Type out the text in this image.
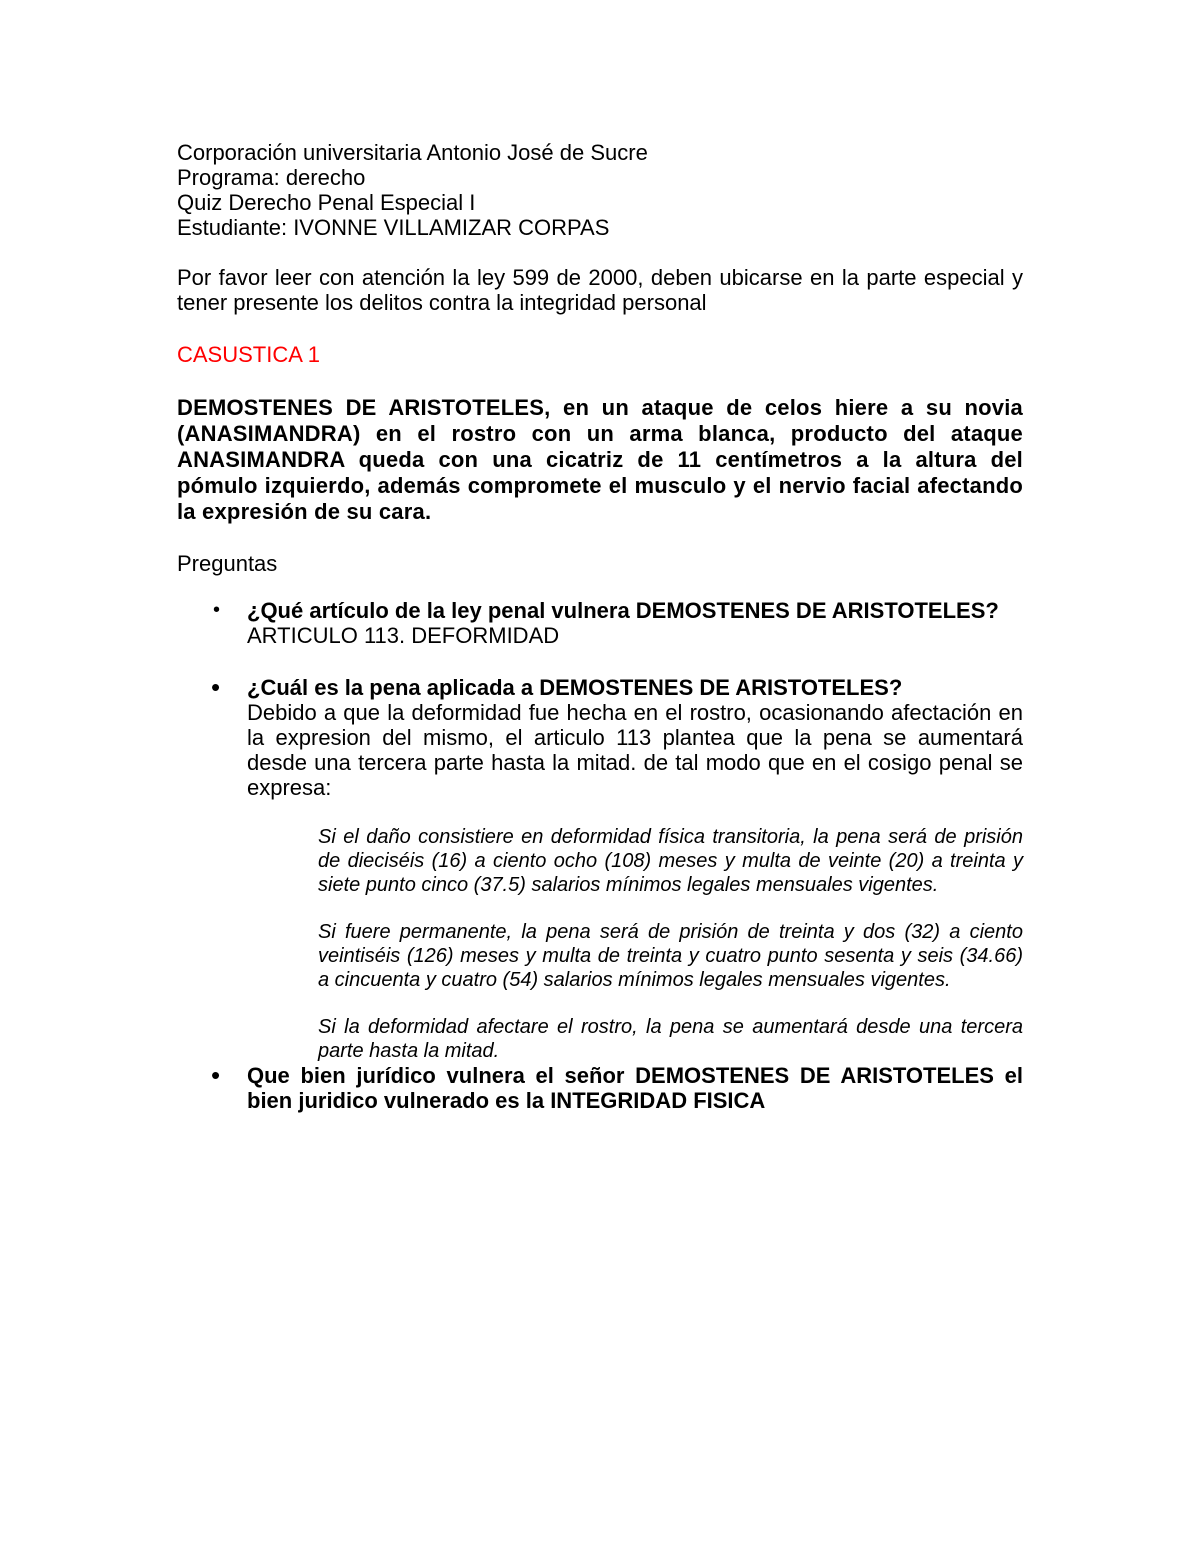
Corporación universitaria Antonio José de Sucre

Programa: derecho

Quiz Derecho Penal Especial I

Estudiante: IVONNE VILLAMIZAR CORPAS

Por favor leer con atención la ley 599 de 2000, deben ubicarse en la parte especial y tener presente los delitos contra la integridad personal

CASUSTICA 1

DEMOSTENES DE ARISTOTELES, en un ataque de celos hiere a su novia (ANASIMANDRA) en el rostro con un arma blanca, producto del ataque ANASIMANDRA queda con una cicatriz de 11 centímetros a la altura del pómulo izquierdo, además compromete el musculo y el nervio facial afectando la expresión de su cara.

Preguntas

• ¿Qué artículo de la ley penal vulnera DEMOSTENES DE ARISTOTELES?

ARTICULO 113. DEFORMIDAD

• ¿Cuál es la pena aplicada a DEMOSTENES DE ARISTOTELES?

Debido a que la deformidad fue hecha en el rostro, ocasionando afectación en la expresion del mismo, el articulo 113 plantea que la pena se aumentará desde una tercera parte hasta la mitad. de tal modo que en el cosigo penal se expresa:

Si el daño consistiere en deformidad física transitoria, la pena será de prisión de dieciséis (16) a ciento ocho (108) meses y multa de veinte (20) a treinta y siete punto cinco (37.5) salarios mínimos legales mensuales vigentes.

Si fuere permanente, la pena será de prisión de treinta y dos (32) a ciento veintiséis (126) meses y multa de treinta y cuatro punto sesenta y seis (34.66) a cincuenta y cuatro (54) salarios mínimos legales mensuales vigentes.

Si la deformidad afectare el rostro, la pena se aumentará desde una tercera parte hasta la mitad.

• Que bien jurídico vulnera el señor DEMOSTENES DE ARISTOTELES el bien juridico vulnerado es la INTEGRIDAD FISICA
